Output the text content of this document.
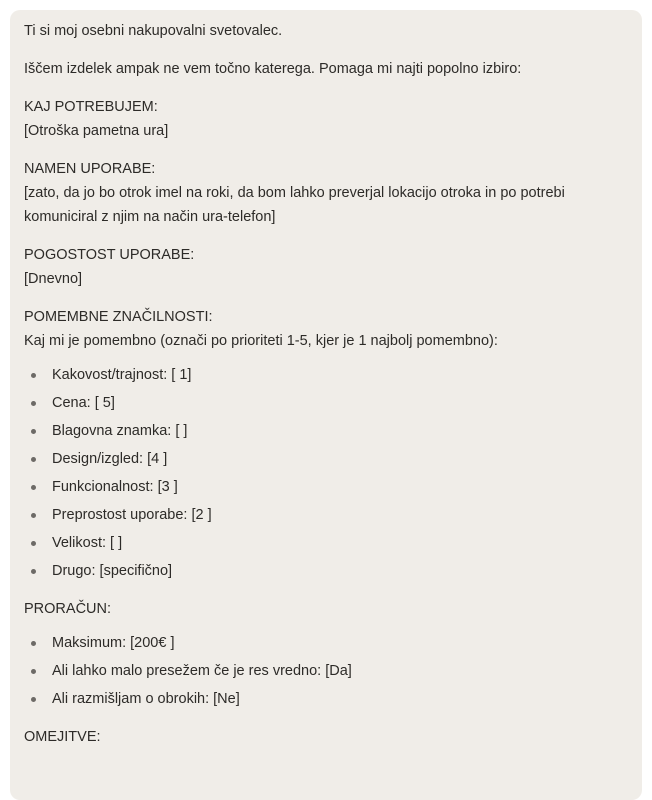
Ti si moj osebni nakupovalni svetovalec.

Iščem izdelek ampak ne vem točno katerega. Pomaga mi najti popolno izbiro:

KAJ POTREBUJEM:
[Otroška pametna ura]

NAMEN UPORABE:
[zato, da jo bo otrok imel na roki, da bom lahko preverjal lokacijo otroka in po potrebi
komuniciral z njim na način ura-telefon]

POGOSTOST UPORABE:
[Dnevno]

POMEMBNE ZNAČILNOSTI:
Kaj mi je pomembno (označi po prioriteti 1-5, kjer je 1 najbolj pomembno):

Kakovost/trajnost: [ 1]
Cena: [ 5]
Blagovna znamka: [ ]
Design/izgled: [4 ]
Funkcionalnost: [3 ]
Preprostost uporabe: [2 ]
Velikost: [ ]
Drugo: [specifično]

PRORAČUN:

Maksimum: [200€ ]
Ali lahko malo presežem če je res vredno: [Da]
Ali razmišljam o obrokih: [Ne]

OMEJITVE:
